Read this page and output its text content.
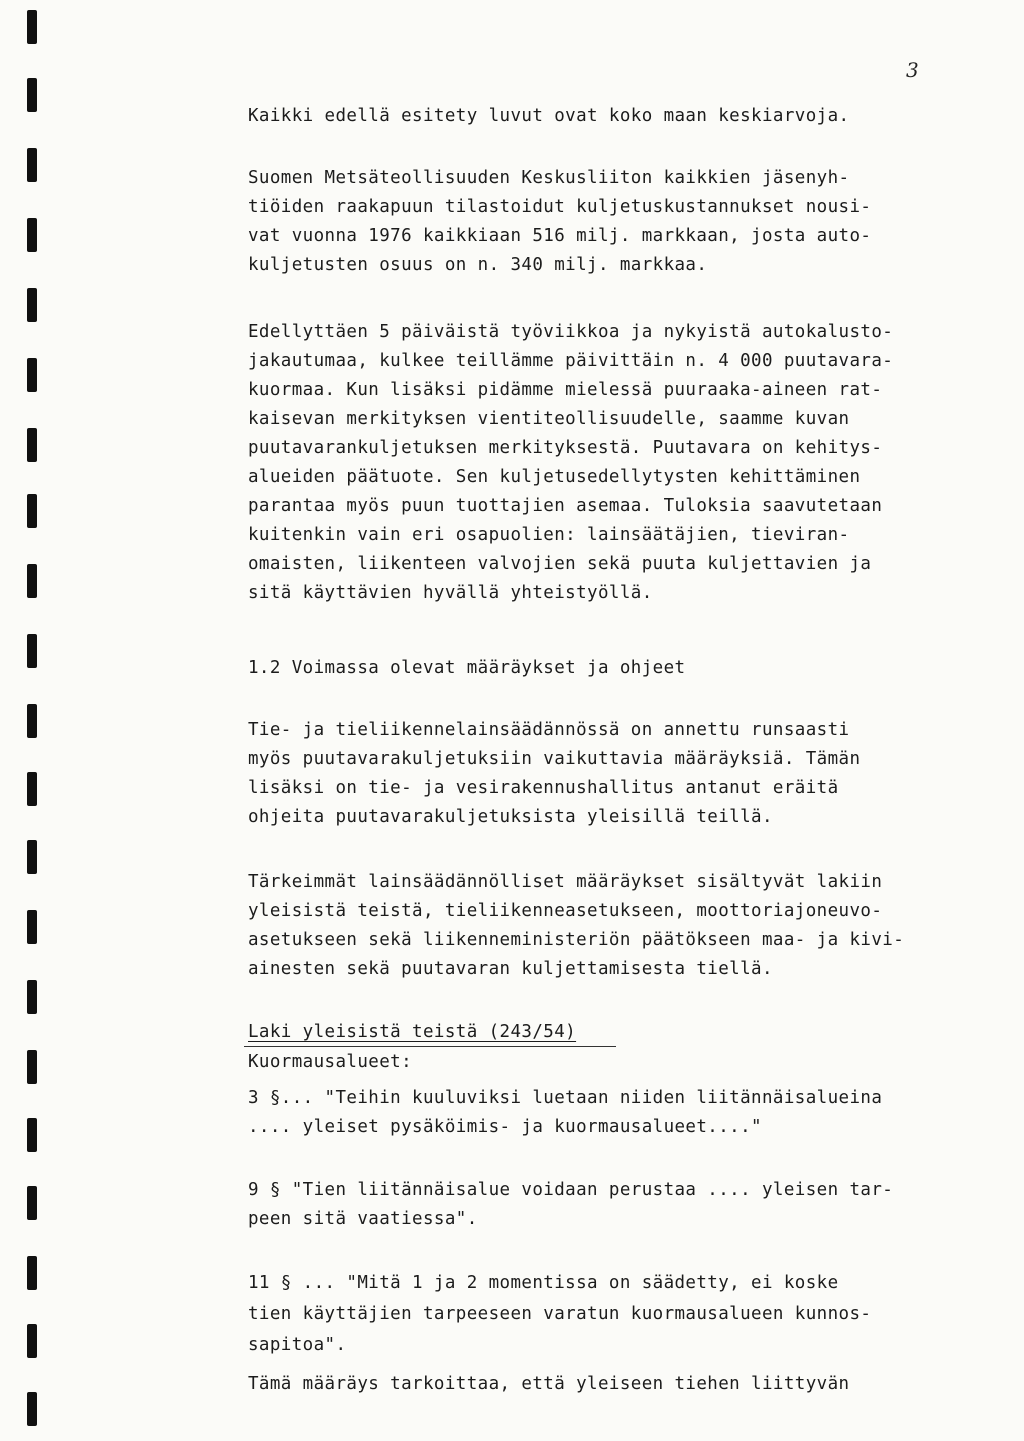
3
Kaikki edellä esitety luvut ovat koko maan keskiarvoja.
Suomen Metsäteollisuuden Keskusliiton kaikkien jäsenyh-
tiöiden raakapuun tilastoidut kuljetuskustannukset nousi-
vat vuonna 1976 kaikkiaan 516 milj. markkaan, josta auto-
kuljetusten osuus on n. 340 milj. markkaa.
Edellyttäen 5 päiväistä työviikkoa ja nykyistä autokalusto-
jakautumaa, kulkee teillämme päivittäin n. 4 000 puutavara-
kuormaa. Kun lisäksi pidämme mielessä puuraaka-aineen rat-
kaisevan merkityksen vientiteollisuudelle, saamme kuvan
puutavarankuljetuksen merkityksestä. Puutavara on kehitys-
alueiden päätuote. Sen kuljetusedellytysten kehittäminen
parantaa myös puun tuottajien asemaa. Tuloksia saavutetaan
kuitenkin vain eri osapuolien: lainsäätäjien, tieviran-
omaisten, liikenteen valvojien sekä puuta kuljettavien ja
sitä käyttävien hyvällä yhteistyöllä.
1.2 Voimassa olevat määräykset ja ohjeet
Tie- ja tieliikennelainsäädännössä on annettu runsaasti
myös puutavarakuljetuksiin vaikuttavia määräyksiä. Tämän
lisäksi on tie- ja vesirakennushallitus antanut eräitä
ohjeita puutavarakuljetuksista yleisillä teillä.
Tärkeimmät lainsäädännölliset määräykset sisältyvät lakiin
yleisistä teistä, tieliikenneasetukseen, moottoriajoneuvo-
asetukseen sekä liikenneministeriön päätökseen maa- ja kivi-
ainesten sekä puutavaran kuljettamisesta tiellä.
Laki yleisistä teistä (243/54)
Kuormausalueet:
3 §... "Teihin kuuluviksi luetaan niiden liitännäisalueina
.... yleiset pysäköimis- ja kuormausalueet...."
9 § "Tien liitännäisalue voidaan perustaa .... yleisen tar-
peen sitä vaatiessa".
11 § ... "Mitä 1 ja 2 momentissa on säädetty, ei koske
tien käyttäjien tarpeeseen varatun kuormausalueen kunnos-
sapitoa".
Tämä määräys tarkoittaa, että yleiseen tiehen liittyvän
